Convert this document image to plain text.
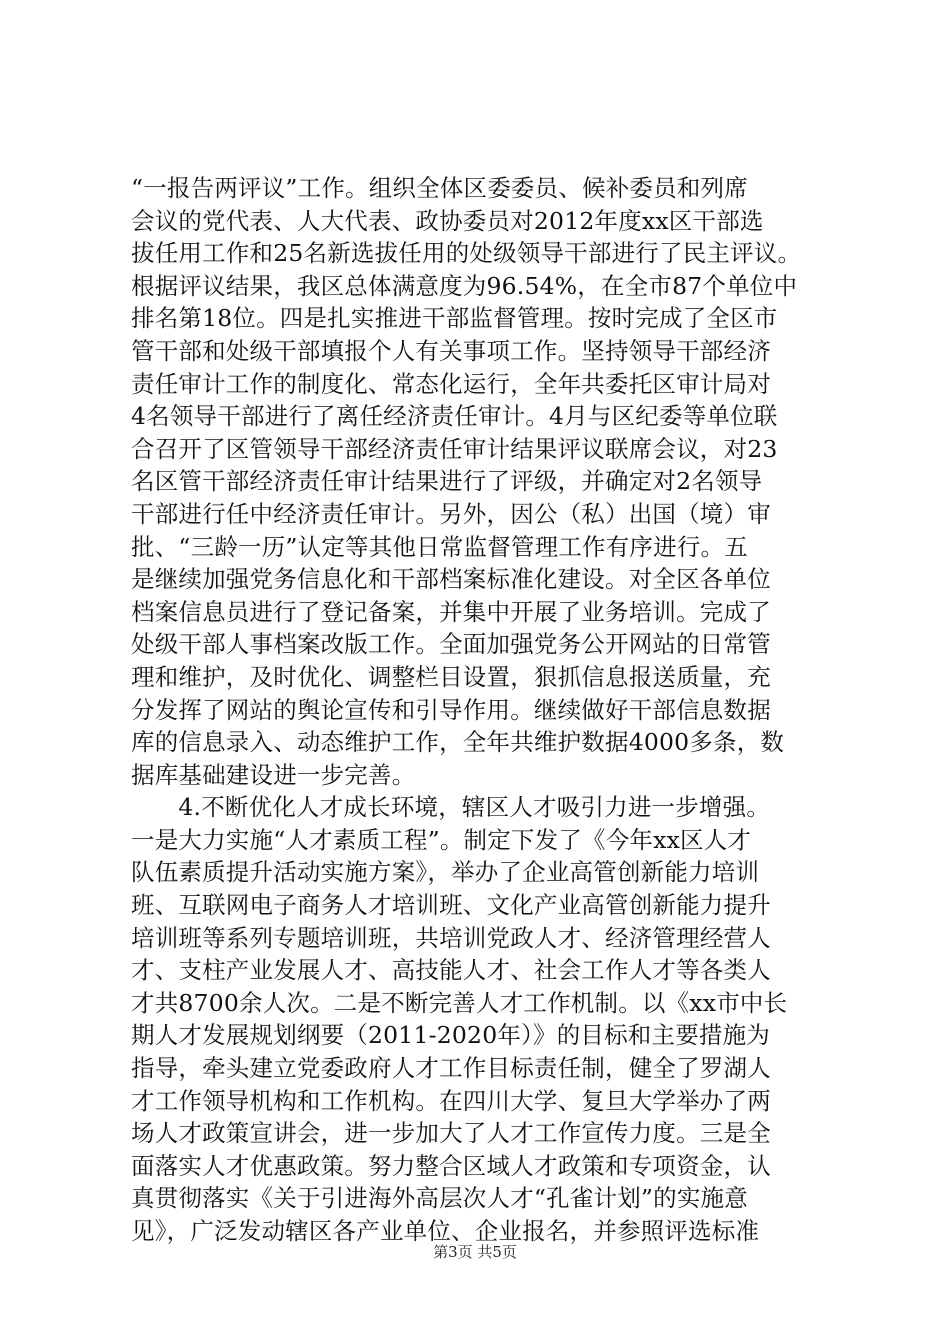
“一报告两评议”工作。组织全体区委委员、候补委员和列席
会议的党代表、人大代表、政协委员对2012年度xx区干部选
拔任用工作和25名新选拔任用的处级领导干部进行了民主评议。
根据评议结果，我区总体满意度为96.54%，在全市87个单位中
排名第18位。四是扎实推进干部监督管理。按时完成了全区市
管干部和处级干部填报个人有关事项工作。坚持领导干部经济
责任审计工作的制度化、常态化运行，全年共委托区审计局对
4名领导干部进行了离任经济责任审计。4月与区纪委等单位联
合召开了区管领导干部经济责任审计结果评议联席会议，对23
名区管干部经济责任审计结果进行了评级，并确定对2名领导
干部进行任中经济责任审计。另外，因公（私）出国（境）审
批、“三龄一历”认定等其他日常监督管理工作有序进行。五
是继续加强党务信息化和干部档案标准化建设。对全区各单位
档案信息员进行了登记备案，并集中开展了业务培训。完成了
处级干部人事档案改版工作。全面加强党务公开网站的日常管
理和维护，及时优化、调整栏目设置，狠抓信息报送质量，充
分发挥了网站的舆论宣传和引导作用。继续做好干部信息数据
库的信息录入、动态维护工作，全年共维护数据4000多条，数
据库基础建设进一步完善。
　　4.不断优化人才成长环境，辖区人才吸引力进一步增强。
一是大力实施“人才素质工程”。制定下发了《今年xx区人才
队伍素质提升活动实施方案》，举办了企业高管创新能力培训
班、互联网电子商务人才培训班、文化产业高管创新能力提升
培训班等系列专题培训班，共培训党政人才、经济管理经营人
才、支柱产业发展人才、高技能人才、社会工作人才等各类人
才共8700余人次。二是不断完善人才工作机制。以《xx市中长
期人才发展规划纲要（2011-2020年）》的目标和主要措施为
指导，牵头建立党委政府人才工作目标责任制，健全了罗湖人
才工作领导机构和工作机构。在四川大学、复旦大学举办了两
场人才政策宣讲会，进一步加大了人才工作宣传力度。三是全
面落实人才优惠政策。努力整合区域人才政策和专项资金，认
真贯彻落实《关于引进海外高层次人才“孔雀计划”的实施意
见》，广泛发动辖区各产业单位、企业报名，并参照评选标准
第3页 共5页
